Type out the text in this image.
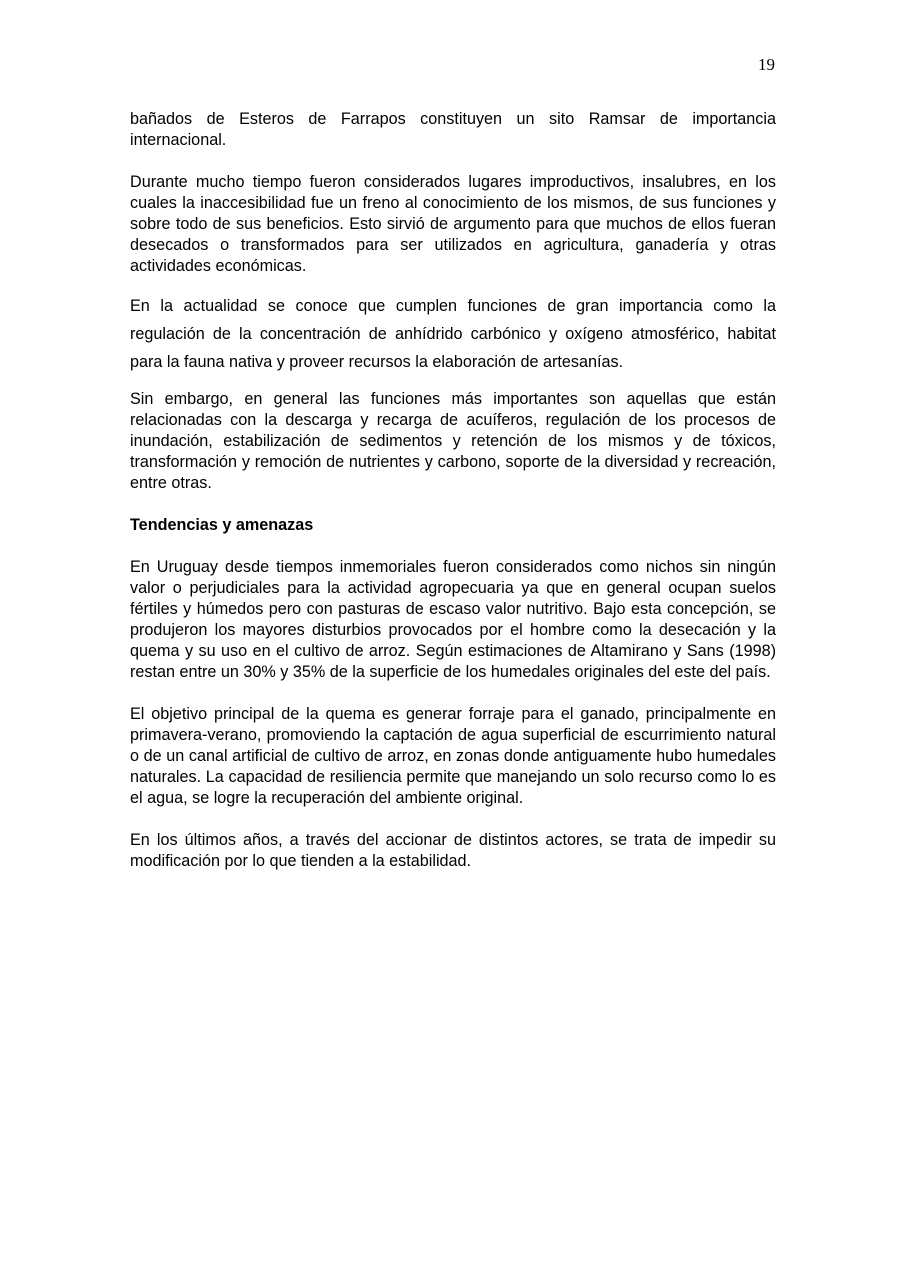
19

bañados de Esteros de Farrapos constituyen un sito Ramsar de importancia internacional.

Durante mucho tiempo fueron considerados lugares improductivos, insalubres, en los cuales la inaccesibilidad fue un freno al conocimiento de los mismos, de sus funciones y sobre todo de sus beneficios. Esto sirvió de argumento para que muchos de ellos fueran desecados o transformados para ser utilizados en agricultura, ganadería y otras actividades económicas.

En la actualidad se conoce que cumplen funciones de gran importancia como la regulación de la concentración de anhídrido carbónico y oxígeno atmosférico, habitat para la fauna nativa y proveer recursos la elaboración de artesanías.

Sin embargo, en general las funciones más importantes son aquellas que están relacionadas con la descarga y recarga de acuíferos, regulación de los procesos de inundación, estabilización de sedimentos y retención de los mismos y de tóxicos, transformación y remoción de nutrientes y carbono, soporte de la diversidad y recreación, entre otras.

Tendencias y amenazas

En Uruguay desde tiempos inmemoriales fueron considerados como nichos sin ningún valor o perjudiciales para la actividad agropecuaria ya que en general ocupan suelos fértiles y húmedos pero con pasturas de escaso valor nutritivo. Bajo esta concepción, se produjeron los mayores disturbios provocados por el hombre como la desecación y la quema y su uso en el cultivo de arroz. Según estimaciones de Altamirano y Sans (1998) restan entre un 30% y 35% de la superficie de los humedales originales del este del país.

El objetivo principal de la quema es generar forraje para el ganado, principalmente en primavera-verano, promoviendo la captación de agua superficial de escurrimiento natural o de un canal artificial de cultivo de arroz, en zonas donde antiguamente hubo humedales naturales. La capacidad de resiliencia permite que manejando un solo recurso como lo es el agua, se logre la recuperación del ambiente original.

En los últimos años, a través del accionar de distintos actores, se trata de impedir su modificación por lo que tienden a la estabilidad.
